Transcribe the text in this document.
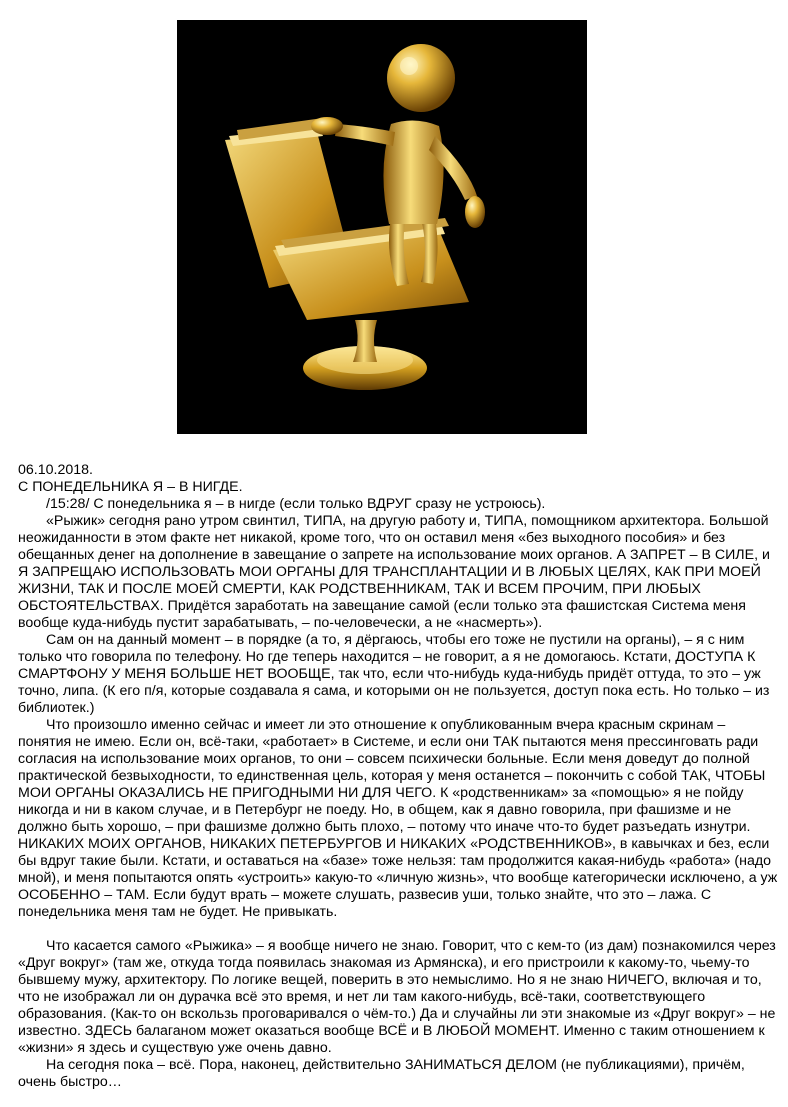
06.10.2018.

С ПОНЕДЕЛЬНИКА Я – В НИГДЕ.

/15:28/ С понедельника я – в нигде (если только ВДРУГ сразу не устроюсь).

«Рыжик» сегодня рано утром свинтил, ТИПА, на другую работу и, ТИПА, помощником архитектора. Большой неожиданности в этом факте нет никакой, кроме того, что он оставил меня «без выходного пособия» и без обещанных денег на дополнение в завещание о запрете на использование моих органов. А ЗАПРЕТ – В СИЛЕ, и Я ЗАПРЕЩАЮ ИСПОЛЬЗОВАТЬ МОИ ОРГАНЫ ДЛЯ ТРАНСПЛАНТАЦИИ И В ЛЮБЫХ ЦЕЛЯХ, КАК ПРИ МОЕЙ ЖИЗНИ, ТАК И ПОСЛЕ МОЕЙ СМЕРТИ, КАК РОДСТВЕННИКАМ, ТАК И ВСЕМ ПРОЧИМ, ПРИ ЛЮБЫХ ОБСТОЯТЕЛЬСТВАХ. Придётся заработать на завещание самой (если только эта фашистская Система меня вообще куда-нибудь пустит зарабатывать, – по-человечески, а не «насмерть»).

Сам он на данный момент – в порядке (а то, я дёргаюсь, чтобы его тоже не пустили на органы), – я с ним только что говорила по телефону. Но где теперь находится – не говорит, а я не домогаюсь. Кстати, ДОСТУПА К СМАРТФОНУ У МЕНЯ БОЛЬШЕ НЕТ ВООБЩЕ, так что, если что-нибудь куда-нибудь придёт оттуда, то это – уж точно, липа. (К его п/я, которые создавала я сама, и которыми он не пользуется, доступ пока есть. Но только – из библиотек.)

Что произошло именно сейчас и имеет ли это отношение к опубликованным вчера красным скринам – понятия не имею. Если он, всё-таки, «работает» в Системе, и если они ТАК пытаются меня прессинговать ради согласия на использование моих органов, то они – совсем психически больные. Если меня доведут до полной практической безвыходности, то единственная цель, которая у меня останется – покончить с собой ТАК, ЧТОБЫ МОИ ОРГАНЫ ОКАЗАЛИСЬ НЕ ПРИГОДНЫМИ НИ ДЛЯ ЧЕГО. К «родственникам» за «помощью» я не пойду никогда и ни в каком случае, и в Петербург не поеду. Но, в общем, как я давно говорила, при фашизме и не должно быть хорошо, – при фашизме должно быть плохо, – потому что иначе что-то будет разъедать изнутри. НИКАКИХ МОИХ ОРГАНОВ, НИКАКИХ ПЕТЕРБУРГОВ И НИКАКИХ «РОДСТВЕННИКОВ», в кавычках и без, если бы вдруг такие были. Кстати, и оставаться на «базе» тоже нельзя: там продолжится какая-нибудь «работа» (надо мной), и меня попытаются опять «устроить» какую-то «личную жизнь», что вообще категорически исключено, а уж ОСОБЕННО – ТАМ. Если будут врать – можете слушать, развесив уши, только знайте, что это – лажа. С понедельника меня там не будет. Не привыкать.

Что касается самого «Рыжика» – я вообще ничего не знаю. Говорит, что с кем-то (из дам) познакомился через «Друг вокруг» (там же, откуда тогда появилась знакомая из Армянска), и его пристроили к какому-то, чьему-то бывшему мужу, архитектору. По логике вещей, поверить в это немыслимо. Но я не знаю НИЧЕГО, включая и то, что не изображал ли он дурачка всё это время, и нет ли там какого-нибудь, всё-таки, соответствующего образования. (Как-то он вскользь проговаривался о чём-то.) Да и случайны ли эти знакомые из «Друг вокруг» – не известно. ЗДЕСЬ балаганом может оказаться вообще ВСЁ и В ЛЮБОЙ МОМЕНТ. Именно с таким отношением к «жизни» я здесь и существую уже очень давно.

На сегодня пока – всё. Пора, наконец, действительно ЗАНИМАТЬСЯ ДЕЛОМ (не публикациями), причём, очень быстро…
